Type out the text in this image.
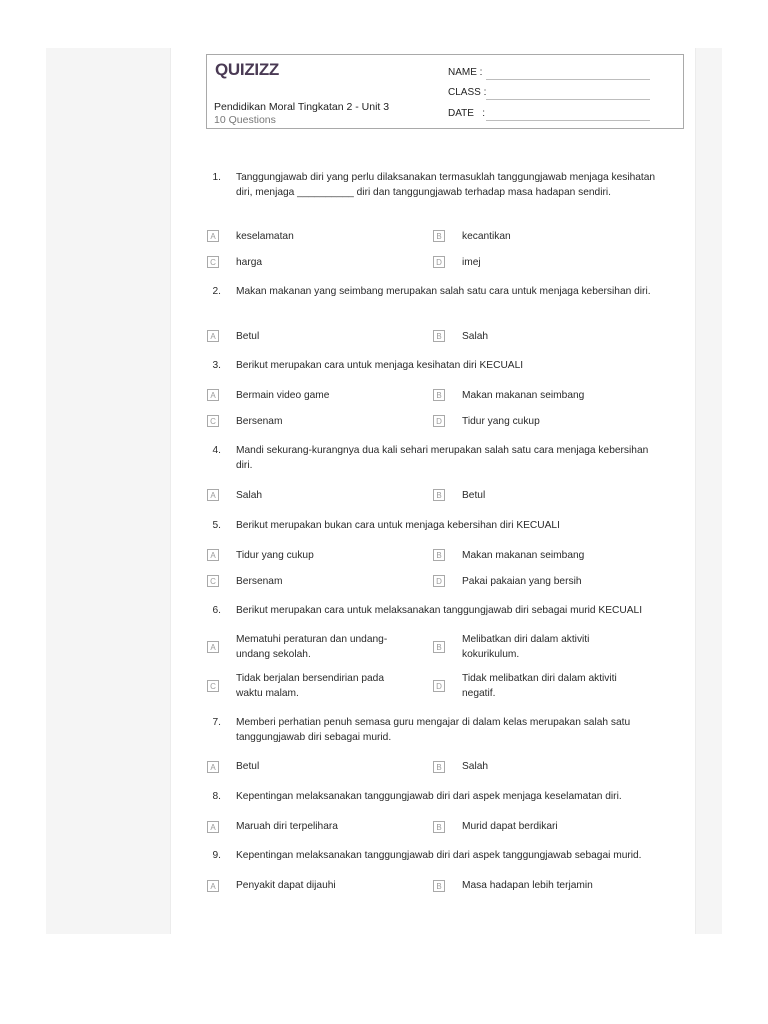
QUIZIZZ
Pendidikan Moral Tingkatan 2 - Unit 3
10 Questions
NAME :
CLASS :
DATE   :
1. Tanggungjawab diri yang perlu dilaksanakan termasuklah tanggungjawab menjaga kesihatan diri, menjaga __________ diri dan tanggungjawab terhadap masa hadapan sendiri.
A	keselamatan	B	kecantikan
C	harga	D	imej
2. Makan makanan yang seimbang merupakan salah satu cara untuk menjaga kebersihan diri.
A	Betul	B	Salah
3. Berikut merupakan cara untuk menjaga kesihatan diri KECUALI
A	Bermain video game	B	Makan makanan seimbang
C	Bersenam	D	Tidur yang cukup
4. Mandi sekurang-kurangnya dua kali sehari merupakan salah satu cara menjaga kebersihan diri.
A	Salah	B	Betul
5. Berikut merupakan bukan cara untuk menjaga kebersihan diri KECUALI
A	Tidur yang cukup	B	Makan makanan seimbang
C	Bersenam	D	Pakai pakaian yang bersih
6. Berikut merupakan cara untuk melaksanakan tanggungjawab diri sebagai murid KECUALI
A
Mematuhi peraturan dan undang-undang sekolah.
B
Melibatkan diri dalam aktiviti kokurikulum.
C
Tidak berjalan bersendirian pada waktu malam.
D
Tidak melibatkan diri dalam aktiviti negatif.
7. Memberi perhatian penuh semasa guru mengajar di dalam kelas merupakan salah satu tanggungjawab diri sebagai murid.
A	Betul	B	Salah
8. Kepentingan melaksanakan tanggungjawab diri dari aspek menjaga keselamatan diri.
A	Maruah diri terpelihara	B	Murid dapat berdikari
9. Kepentingan melaksanakan tanggungjawab diri dari aspek tanggungjawab sebagai murid.
A	Penyakit dapat dijauhi	B	Masa hadapan lebih terjamin
